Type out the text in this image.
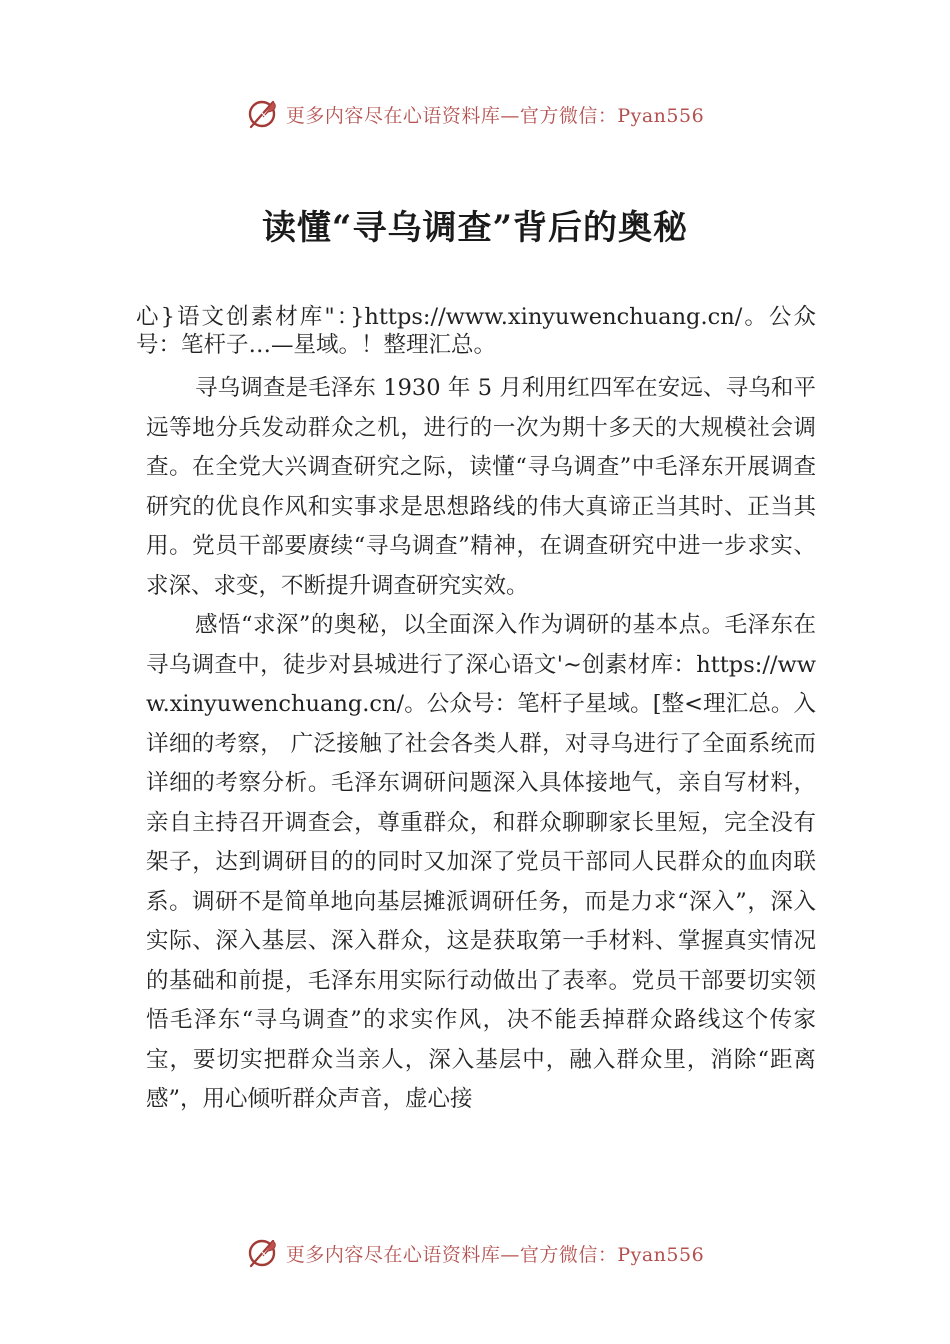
更多内容尽在心语资料库—官方微信：Pyan556
读懂“寻乌调查”背后的奥秘

心}语文创素材库"：}https://www.xinyuwenchuang.cn/。公众号：笔杆子…—星域。！整理汇总。

寻乌调查是毛泽东 1930 年 5 月利用红四军在安远、寻乌和平远等地分兵发动群众之机，进行的一次为期十多天的大规模社会调查。在全党大兴调查研究之际，读懂“寻乌调查”中毛泽东开展调查研究的优良作风和实事求是思想路线的伟大真谛正当其时、正当其用。党员干部要赓续“寻乌调查”精神，在调查研究中进一步求实、求深、求变，不断提升调查研究实效。

感悟“求深”的奥秘，以全面深入作为调研的基本点。毛泽东在寻乌调查中，徒步对县城进行了深心语文'~创素材库：https://www.xinyuwenchuang.cn/。公众号：笔杆子星域。[整<理汇总。入详细的考察， 广泛接触了社会各类人群，对寻乌进行了全面系统而详细的考察分析。毛泽东调研问题深入具体接地气，亲自写材料， 亲自主持召开调查会，尊重群众，和群众聊聊家长里短，完全没有架子，达到调研目的的同时又加深了党员干部同人民群众的血肉联系。调研不是简单地向基层摊派调研任务，而是力求“深入”，深入实际、深入基层、深入群众，这是获取第一手材料、掌握真实情况的基础和前提，毛泽东用实际行动做出了表率。党员干部要切实领悟毛泽东“寻乌调查”的求实作风，决不能丢掉群众路线这个传家宝，要切实把群众当亲人，深入基层中，融入群众里，消除“距离感”，用心倾听群众声音，虚心接

更多内容尽在心语资料库—官方微信：Pyan556
